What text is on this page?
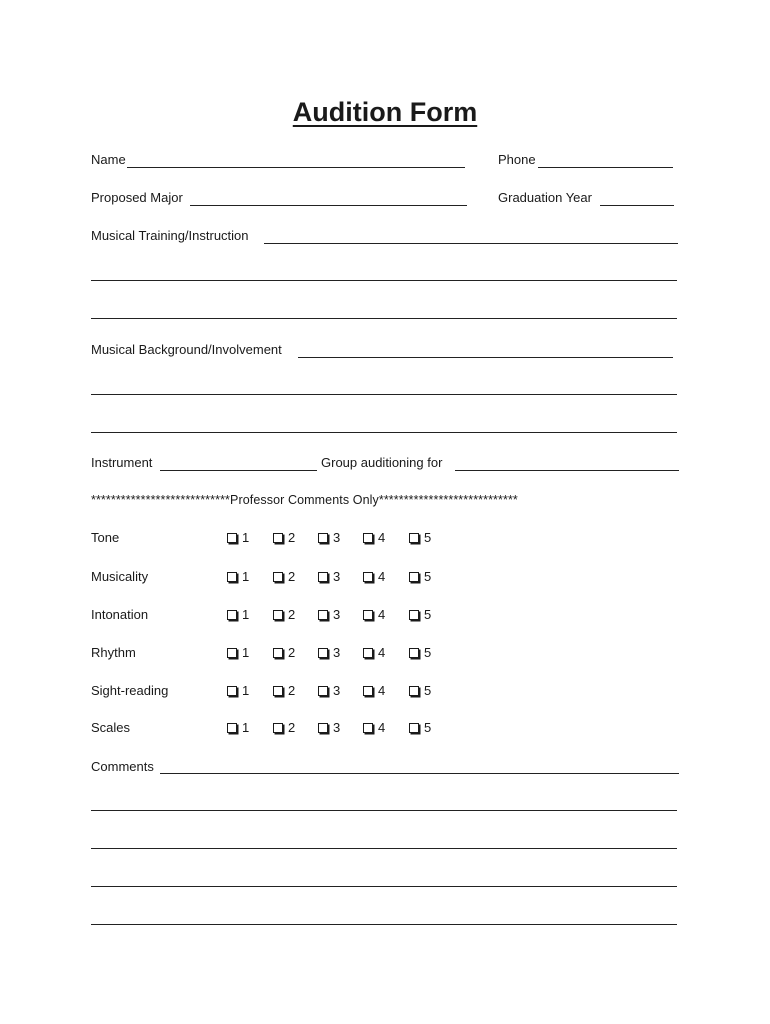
Audition Form
Name	Phone
Proposed Major	Graduation Year
Musical Training/Instruction
Musical Background/Involvement
Instrument	Group auditioning for
****************************Professor Comments Only****************************
Tone	1	2	3	4	5
Musicality	1	2	3	4	5
Intonation	1	2	3	4	5
Rhythm	1	2	3	4	5
Sight-reading	1	2	3	4	5
Scales	1	2	3	4	5
Comments
